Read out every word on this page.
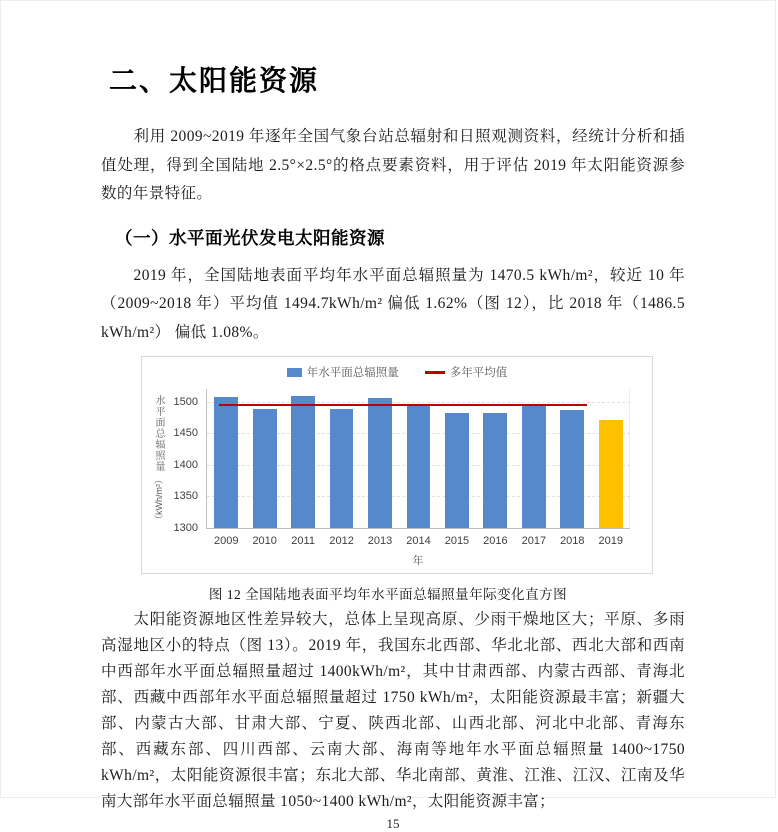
二、太阳能资源

利用 2009~2019 年逐年全国气象台站总辐射和日照观测资料，经统计分析和插值处理，得到全国陆地 2.5°×2.5°的格点要素资料，用于评估 2019 年太阳能资源参数的年景特征。

（一）水平面光伏发电太阳能资源

2019 年，全国陆地表面平均年水平面总辐照量为 1470.5 kWh/m²，较近 10 年（2009~2018 年）平均值 1494.7kWh/m² 偏低 1.62%（图 12），比 2018 年（1486.5 kWh/m²） 偏低 1.08%。

年水平面总辐照量	多年平均值
水平面总辐照量
（kWh/m²）
1300
1350
1400
1450
1500
2009	2010	2011	2012	2013	2014	2015	2016	2017	2018	2019
年
图 12 全国陆地表面平均年水平面总辐照量年际变化直方图

太阳能资源地区性差异较大，总体上呈现高原、少雨干燥地区大；平原、多雨高湿地区小的特点（图 13）。2019 年，我国东北西部、华北北部、西北大部和西南中西部年水平面总辐照量超过 1400kWh/m²，其中甘肃西部、内蒙古西部、青海北部、西藏中西部年水平面总辐照量超过 1750 kWh/m²，太阳能资源最丰富；新疆大部、内蒙古大部、甘肃大部、宁夏、陕西北部、山西北部、河北中北部、青海东部、西藏东部、四川西部、云南大部、海南等地年水平面总辐照量 1400~1750 kWh/m²，太阳能资源很丰富；东北大部、华北南部、黄淮、江淮、江汉、江南及华南大部年水平面总辐照量 1050~1400 kWh/m²，太阳能资源丰富；

15
